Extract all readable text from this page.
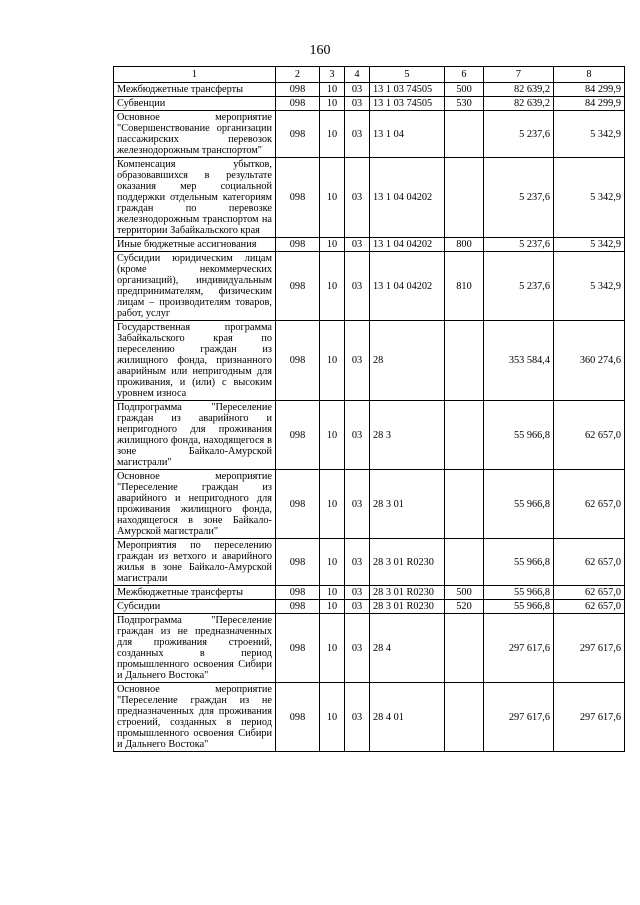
160
1	2	3	4	5	6	7	8
Межбюджетные трансферты	098	10	03	13 1 03 74505	500	82 639,2	84 299,9
Субвенции	098	10	03	13 1 03 74505	530	82 639,2	84 299,9
Основное мероприятие "Совершенствование организации пассажирских перевозок железнодорожным транспортом"	098	10	03	13 1 04		5 237,6	5 342,9
Компенсация убытков, образовавшихся в результате оказания мер социальной поддержки отдельным категориям граждан по перевозке железнодорожным транспортом на территории Забайкальского края	098	10	03	13 1 04 04202		5 237,6	5 342,9
Иные бюджетные ассигнования	098	10	03	13 1 04 04202	800	5 237,6	5 342,9
Субсидии юридическим лицам (кроме некоммерческих организаций), индивидуальным предпринимателям, физическим лицам – производителям товаров, работ, услуг	098	10	03	13 1 04 04202	810	5 237,6	5 342,9
Государственная программа Забайкальского края по переселению граждан из жилищного фонда, признанного аварийным или непригодным для проживания, и (или) с высоким уровнем износа	098	10	03	28		353 584,4	360 274,6
Подпрограмма "Переселение граждан из аварийного и непригодного для проживания жилищного фонда, находящегося в зоне Байкало-Амурской магистрали"	098	10	03	28 3		55 966,8	62 657,0
Основное мероприятие "Переселение граждан из аварийного и непригодного для проживания жилищного фонда, находящегося в зоне Байкало-Амурской магистрали"	098	10	03	28 3 01		55 966,8	62 657,0
Мероприятия по переселению граждан из ветхого и аварийного жилья в зоне Байкало-Амурской магистрали	098	10	03	28 3 01 R0230		55 966,8	62 657,0
Межбюджетные трансферты	098	10	03	28 3 01 R0230	500	55 966,8	62 657,0
Субсидии	098	10	03	28 3 01 R0230	520	55 966,8	62 657,0
Подпрограмма "Переселение граждан из не предназначенных для проживания строений, созданных в период промышленного освоения Сибири и Дальнего Востока"	098	10	03	28 4		297 617,6	297 617,6
Основное мероприятие "Переселение граждан из не предназначенных для проживания строений, созданных в период промышленного освоения Сибири и Дальнего Востока"	098	10	03	28 4 01		297 617,6	297 617,6
